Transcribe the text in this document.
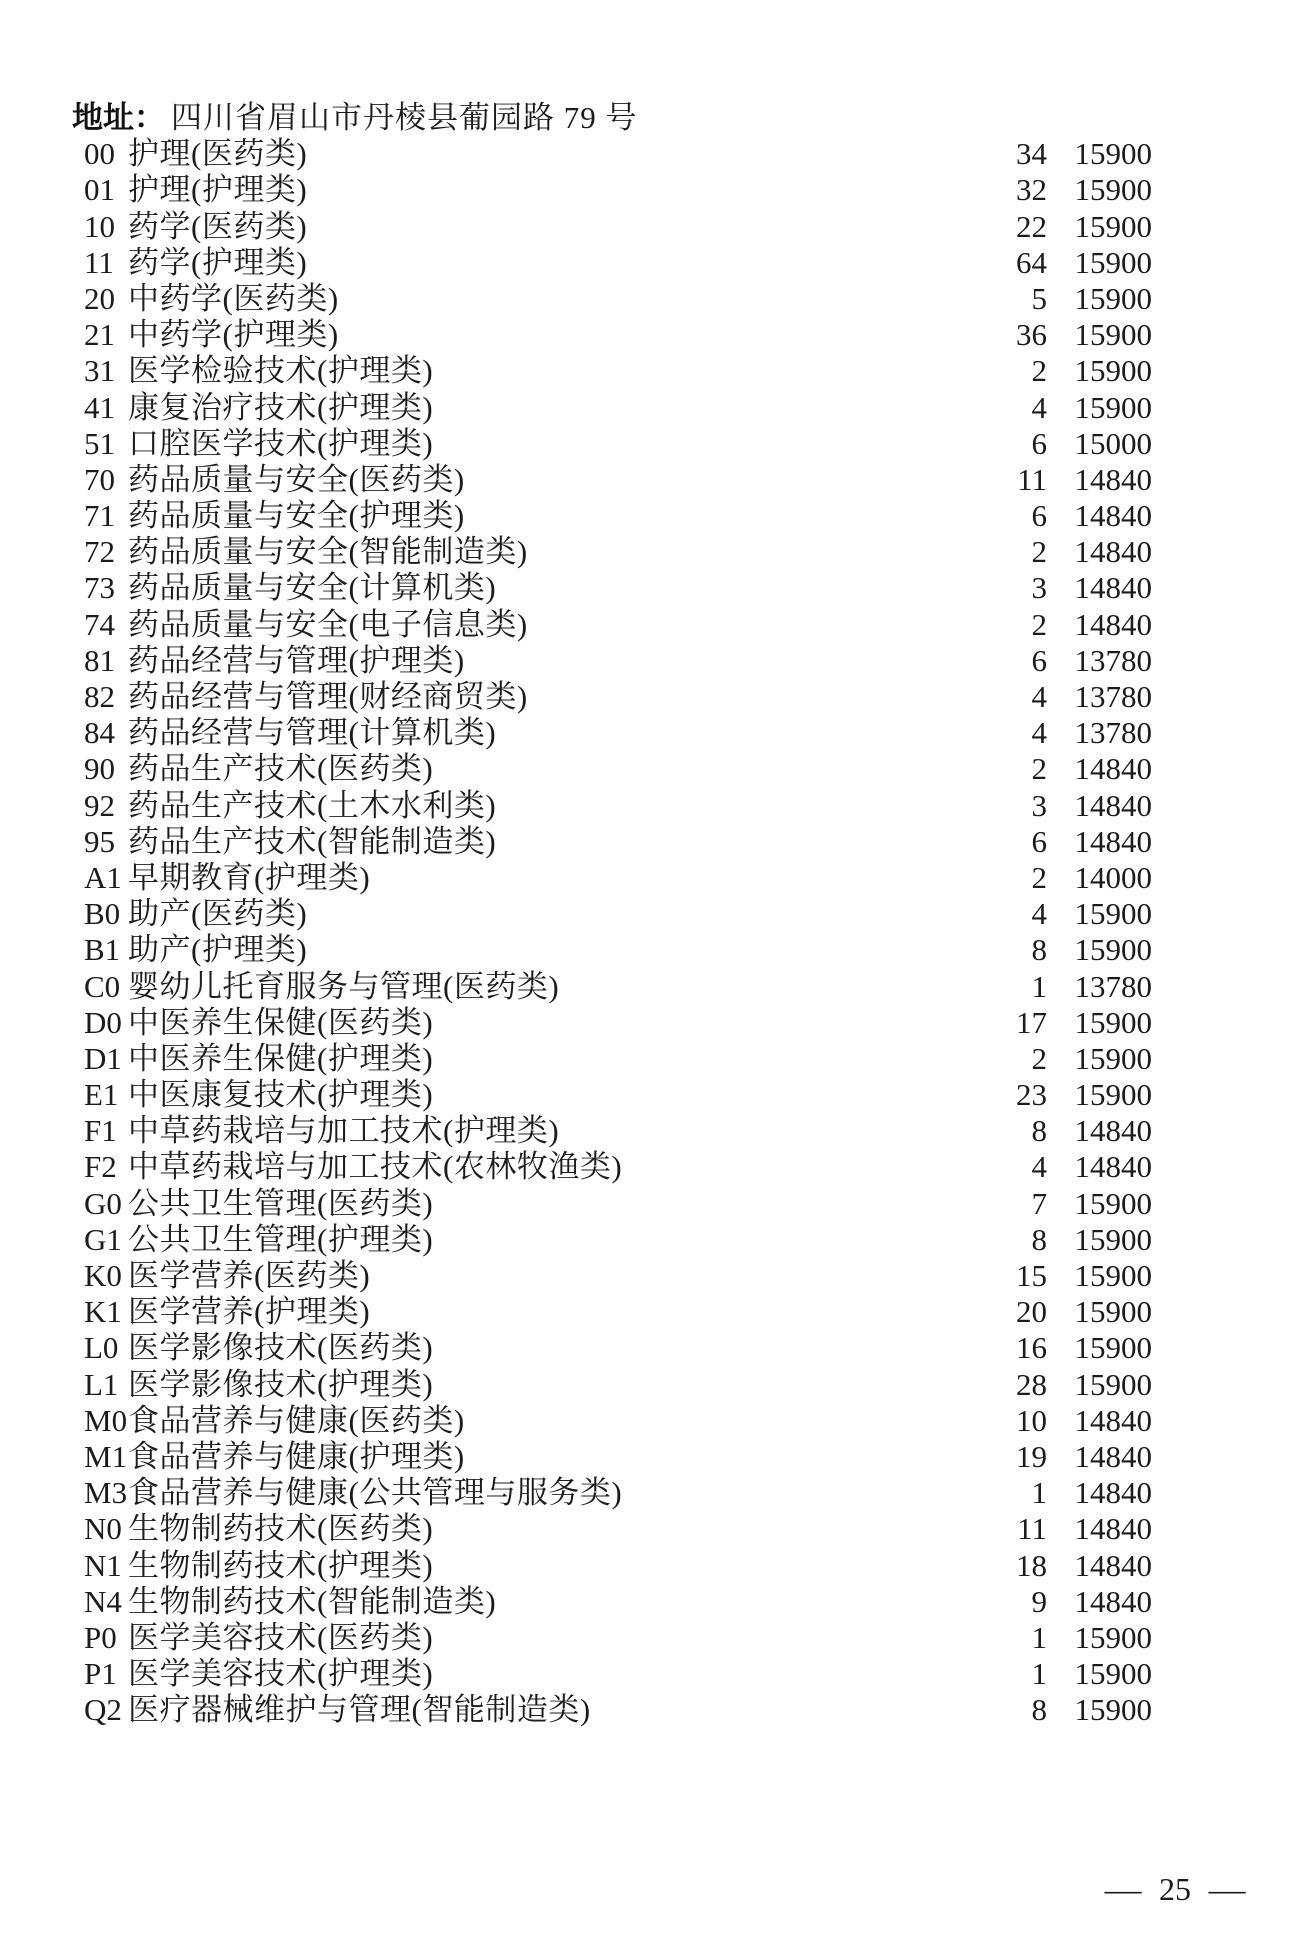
地址： 四川省眉山市丹棱县葡园路 79 号
00 护理(医药类)	34 15900
01 护理(护理类)	32 15900
10 药学(医药类)	22 15900
11 药学(护理类)	64 15900
20 中药学(医药类)	5 15900
21 中药学(护理类)	36 15900
31 医学检验技术(护理类)	2 15900
41 康复治疗技术(护理类)	4 15900
51 口腔医学技术(护理类)	6 15000
70 药品质量与安全(医药类)	11 14840
71 药品质量与安全(护理类)	6 14840
72 药品质量与安全(智能制造类)	2 14840
73 药品质量与安全(计算机类)	3 14840
74 药品质量与安全(电子信息类)	2 14840
81 药品经营与管理(护理类)	6 13780
82 药品经营与管理(财经商贸类)	4 13780
84 药品经营与管理(计算机类)	4 13780
90 药品生产技术(医药类)	2 14840
92 药品生产技术(土木水利类)	3 14840
95 药品生产技术(智能制造类)	6 14840
A1 早期教育(护理类)	2 14000
B0 助产(医药类)	4 15900
B1 助产(护理类)	8 15900
C0 婴幼儿托育服务与管理(医药类)	1 13780
D0 中医养生保健(医药类)	17 15900
D1 中医养生保健(护理类)	2 15900
E1 中医康复技术(护理类)	23 15900
F1 中草药栽培与加工技术(护理类)	8 14840
F2 中草药栽培与加工技术(农林牧渔类)	4 14840
G0 公共卫生管理(医药类)	7 15900
G1 公共卫生管理(护理类)	8 15900
K0 医学营养(医药类)	15 15900
K1 医学营养(护理类)	20 15900
L0 医学影像技术(医药类)	16 15900
L1 医学影像技术(护理类)	28 15900
M0 食品营养与健康(医药类)	10 14840
M1 食品营养与健康(护理类)	19 14840
M3 食品营养与健康(公共管理与服务类)	1 14840
N0 生物制药技术(医药类)	11 14840
N1 生物制药技术(护理类)	18 14840
N4 生物制药技术(智能制造类)	9 14840
P0 医学美容技术(医药类)	1 15900
P1 医学美容技术(护理类)	1 15900
Q2 医疗器械维护与管理(智能制造类)	8 15900
— 25 —
